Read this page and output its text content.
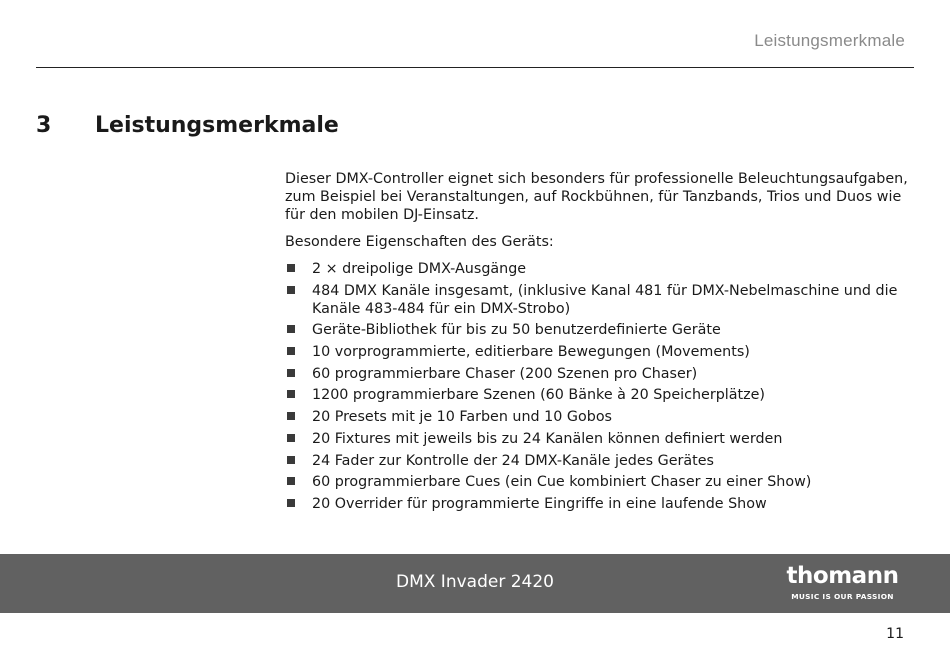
Leistungsmerkmale
3 Leistungsmerkmale

Dieser DMX-Controller eignet sich besonders für professionelle Beleuchtungsaufgaben, zum Beispiel bei Veranstaltungen, auf Rockbühnen, für Tanzbands, Trios und Duos wie für den mobilen DJ-Einsatz.

Besondere Eigenschaften des Geräts:

2 × dreipolige DMX-Ausgänge
484 DMX Kanäle insgesamt, (inklusive Kanal 481 für DMX-Nebelmaschine und die Kanäle 483-484 für ein DMX-Strobo)
Geräte-Bibliothek für bis zu 50 benutzerdefinierte Geräte
10 vorprogrammierte, editierbare Bewegungen (Movements)
60 programmierbare Chaser (200 Szenen pro Chaser)
1200 programmierbare Szenen (60 Bänke à 20 Speicherplätze)
20 Presets mit je 10 Farben und 10 Gobos
20 Fixtures mit jeweils bis zu 24 Kanälen können definiert werden
24 Fader zur Kontrolle der 24 DMX-Kanäle jedes Gerätes
60 programmierbare Cues (ein Cue kombiniert Chaser zu einer Show)
20 Overrider für programmierte Eingriffe in eine laufende Show
DMX Invader 2420	thomann
MUSIC IS OUR PASSION
11
